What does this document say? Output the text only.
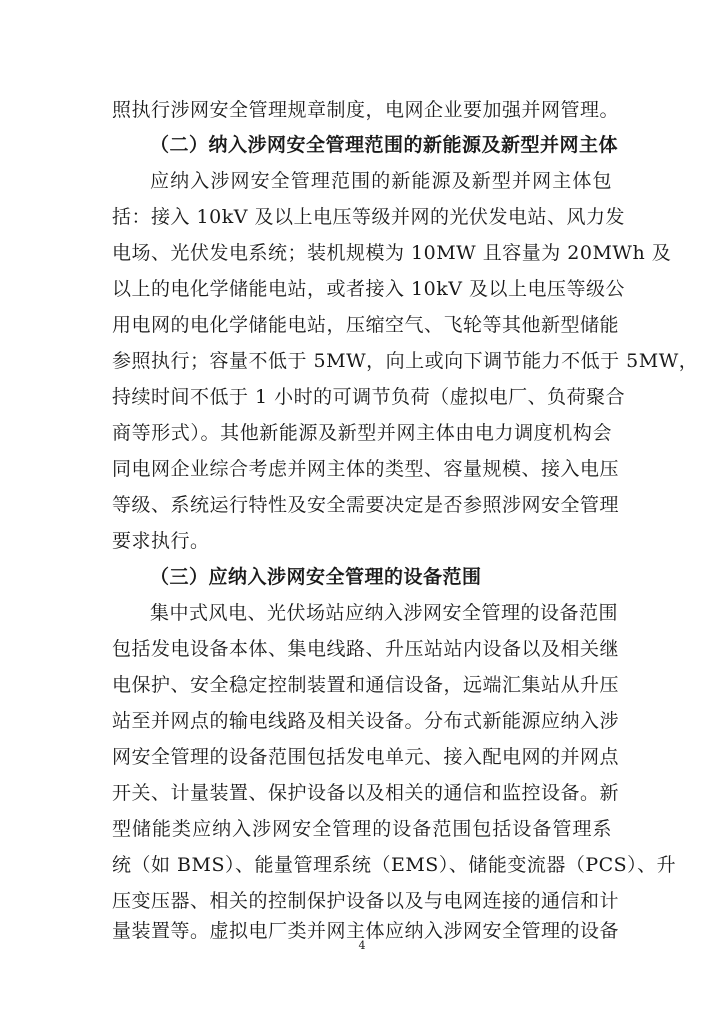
照执行涉网安全管理规章制度，电网企业要加强并网管理。
（二）纳入涉网安全管理范围的新能源及新型并网主体
应纳入涉网安全管理范围的新能源及新型并网主体包
括：接入 10kV 及以上电压等级并网的光伏发电站、风力发
电场、光伏发电系统；装机规模为 10MW 且容量为 20MWh 及
以上的电化学储能电站，或者接入 10kV 及以上电压等级公
用电网的电化学储能电站，压缩空气、飞轮等其他新型储能
参照执行；容量不低于 5MW，向上或向下调节能力不低于 5MW，
持续时间不低于 1 小时的可调节负荷（虚拟电厂、负荷聚合
商等形式）。其他新能源及新型并网主体由电力调度机构会
同电网企业综合考虑并网主体的类型、容量规模、接入电压
等级、系统运行特性及安全需要决定是否参照涉网安全管理
要求执行。
（三）应纳入涉网安全管理的设备范围
集中式风电、光伏场站应纳入涉网安全管理的设备范围
包括发电设备本体、集电线路、升压站站内设备以及相关继
电保护、安全稳定控制装置和通信设备，远端汇集站从升压
站至并网点的输电线路及相关设备。分布式新能源应纳入涉
网安全管理的设备范围包括发电单元、接入配电网的并网点
开关、计量装置、保护设备以及相关的通信和监控设备。新
型储能类应纳入涉网安全管理的设备范围包括设备管理系
统（如 BMS）、能量管理系统（EMS）、储能变流器（PCS）、升
压变压器、相关的控制保护设备以及与电网连接的通信和计
量装置等。虚拟电厂类并网主体应纳入涉网安全管理的设备
4
